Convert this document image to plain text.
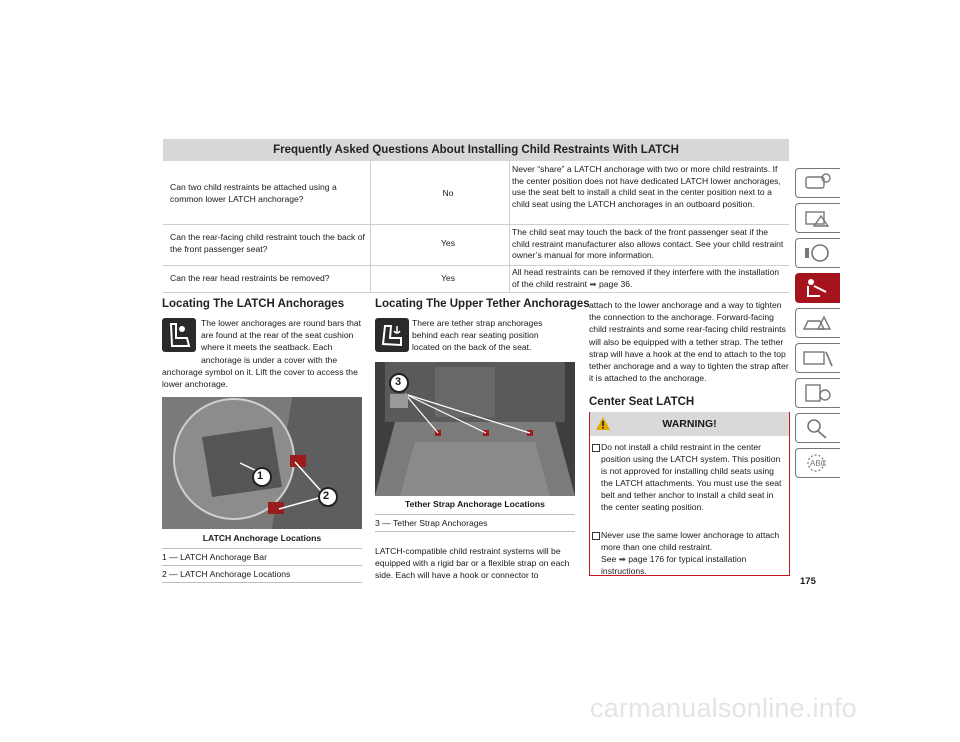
Frequently Asked Questions About Installing Child Restraints With LATCH
Can two child restraints be attached using a common lower LATCH anchorage?
No
Never “share” a LATCH anchorage with two or more child restraints. If the center position does not have dedicated LATCH lower anchorages, use the seat belt to install a child seat in the center position next to a child seat using the LATCH anchorages in an outboard position.
Can the rear-facing child restraint touch the back of the front passenger seat?
Yes
The child seat may touch the back of the front passenger seat if the child restraint manufacturer also allows contact. See your child restraint owner’s manual for more information.
Can the rear head restraints be removed?	Yes
All head restraints can be removed if they interfere with the installation of the child restraint ➡ page 36.
Locating The LATCH Anchorages
The lower anchorages are round bars that are found at the rear of the seat cushion where it meets the seatback. Each anchorage is under a cover with the anchorage symbol on it. Lift the cover to access the lower anchorage.
1
2
LATCH Anchorage Locations
1 — LATCH Anchorage Bar
2 — LATCH Anchorage Locations
Locating The Upper Tether Anchorages
There are tether strap anchorages behind each rear seating position located on the back of the seat.
3
Tether Strap Anchorage Locations
3 — Tether Strap Anchorages
LATCH-compatible child restraint systems will be equipped with a rigid bar or a flexible strap on each side. Each will have a hook or connector to
attach to the lower anchorage and a way to tighten the connection to the anchorage. Forward-facing child restraints and some rear-facing child restraints will also be equipped with a tether strap. The tether strap will have a hook at the end to attach to the top tether anchorage and a way to tighten the strap after it is attached to the anchorage.
Center Seat LATCH
WARNING!
Do not install a child restraint in the center position using the LATCH system. This position is not approved for installing child seats using the LATCH attachments. You must use the seat belt and tether anchor to install a child seat in the center seating position.
Never use the same lower anchorage to attach more than one child restraint.
See ➡ page 176 for typical installation instructions.
ABC
175
carmanualsonline.info
